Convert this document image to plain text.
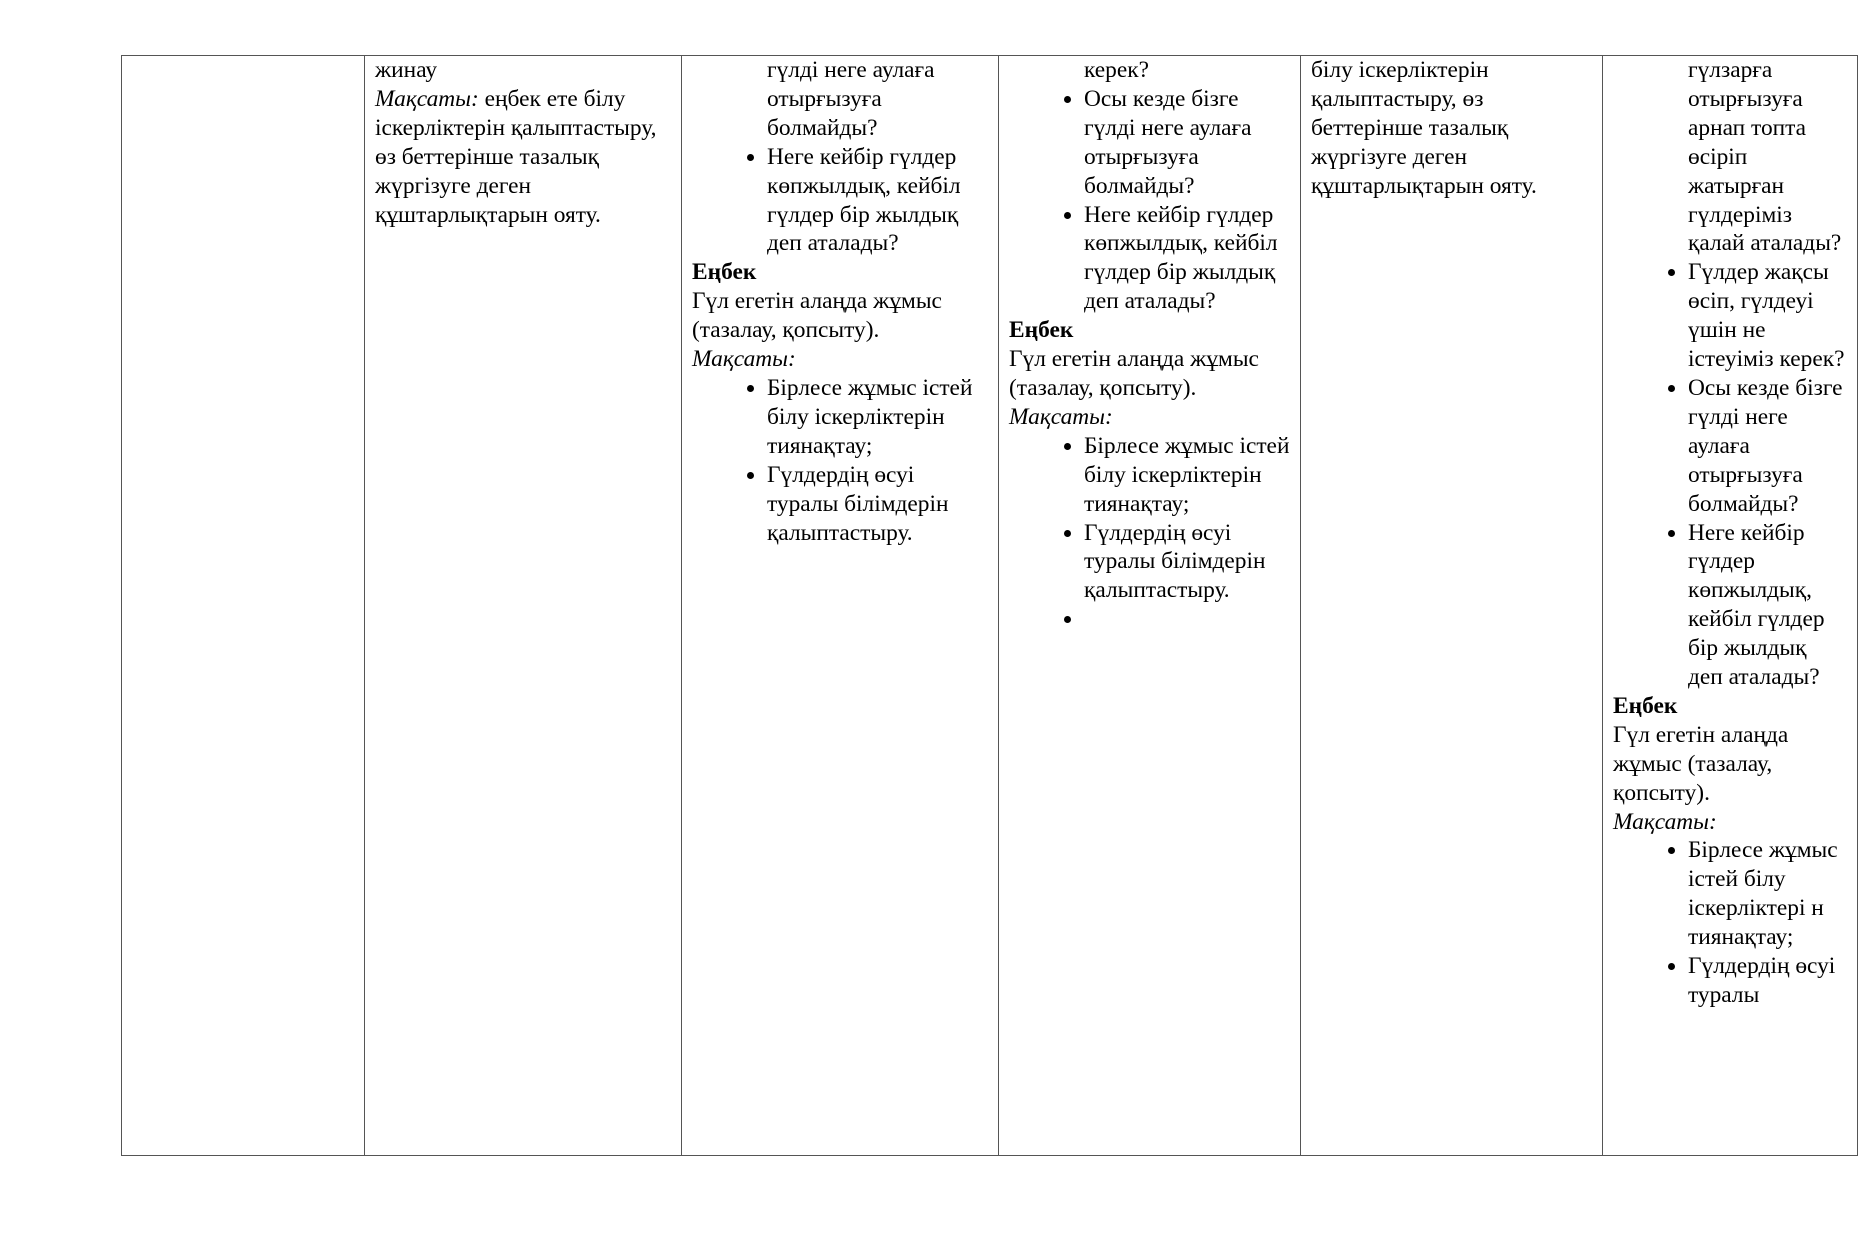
жинау
Мақсаты: еңбек ете білу іскерліктерін қалыптастыру, өз беттерінше тазалық жүргізуге деген құштарлықтарын ояту.

гүлді неге аулаға отырғызуға болмайды?
• Неге кейбір гүлдер көпжылдық, кейбіл гүлдер бір жылдық деп аталады?
Еңбек
Гүл егетін алаңда жұмыс (тазалау, қопсыту).
Мақсаты:
• Бірлесе жұмыс істей білу іскерліктерін тиянақтау;
• Гүлдердің өсуі туралы білімдерін қалыптастыру.

керек?
• Осы кезде бізге гүлді неге аулаға отырғызуға болмайды?
• Неге кейбір гүлдер көпжылдық, кейбіл гүлдер бір жылдық деп аталады?
Еңбек
Гүл егетін алаңда жұмыс (тазалау, қопсыту).
Мақсаты:
• Бірлесе жұмыс істей білу іскерліктерін тиянақтау;
• Гүлдердің өсуі туралы білімдерін қалыптастыру.
•

білу іскерліктерін қалыптастыру, өз беттерінше тазалық жүргізуге деген құштарлықтарын ояту.

гүлзарға отырғызуға арнап топта өсіріп жатырған гүлдеріміз қалай аталады?
• Гүлдер жақсы өсіп, гүлдеуі үшін не істеуіміз керек?
• Осы кезде бізге гүлді неге аулаға отырғызуға болмайды?
• Неге кейбір гүлдер көпжылдық, кейбіл гүлдер бір жылдық деп аталады?
Еңбек
Гүл егетін алаңда жұмыс (тазалау, қопсыту).
Мақсаты:
• Бірлесе жұмыс істей білу іскерліктері н тиянақтау;
• Гүлдердің өсуі туралы
